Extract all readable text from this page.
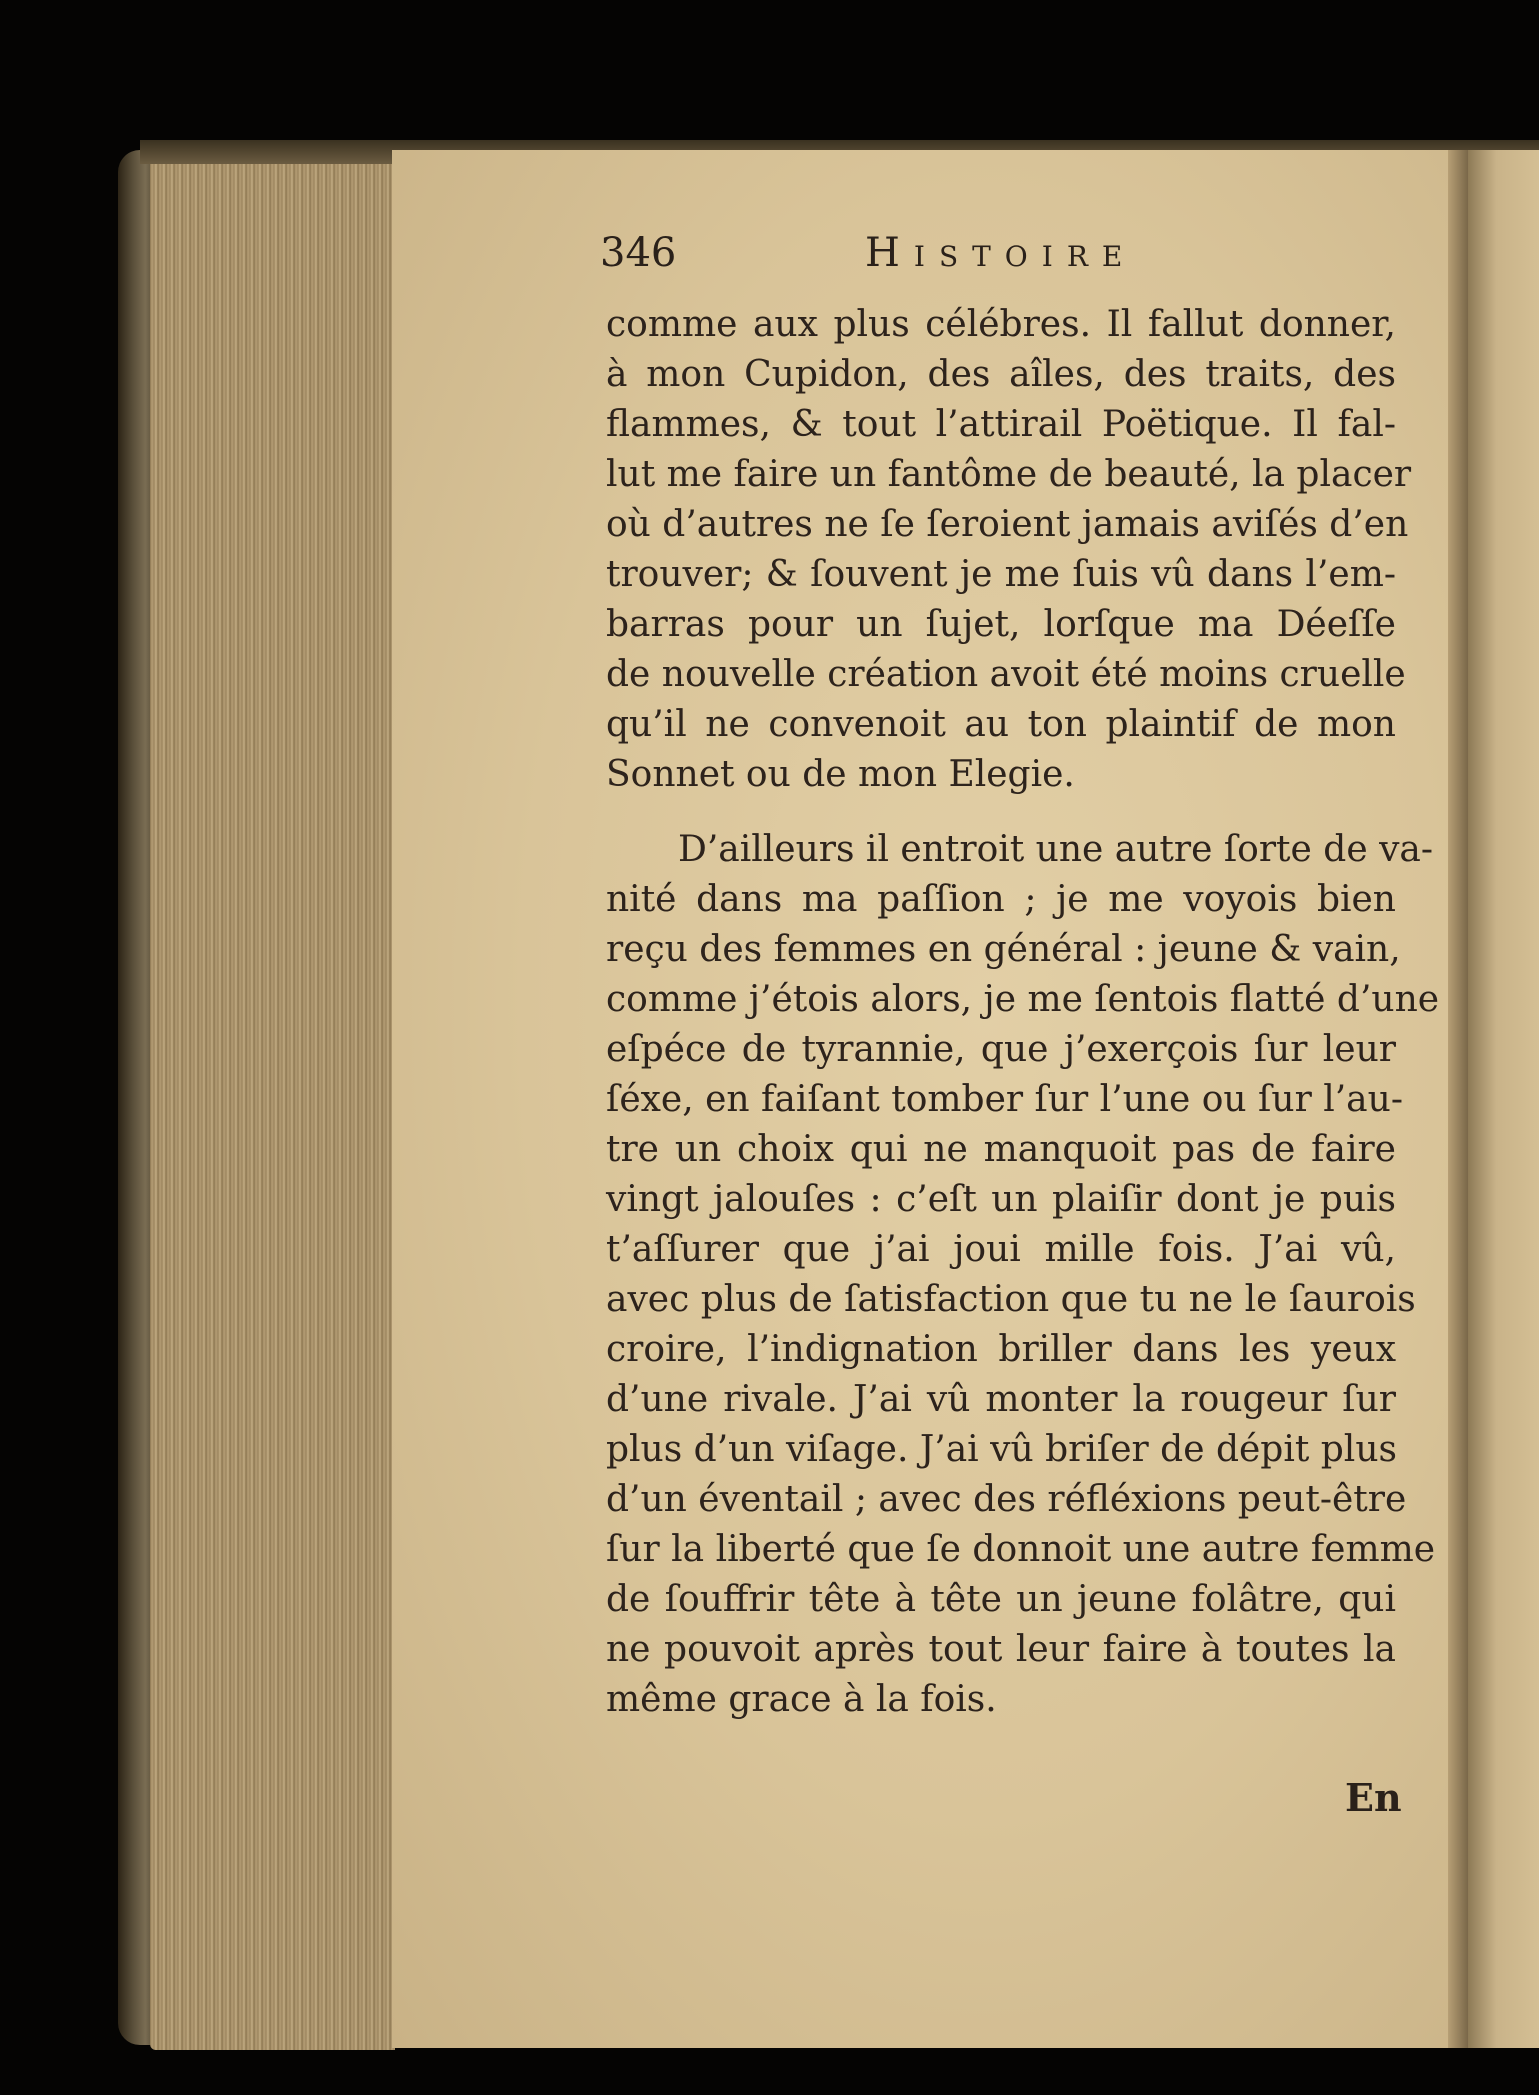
346	Histoire
comme aux plus célébres. Il fallut donner,
à mon Cupidon, des aîles, des traits, des
flammes, & tout l’attirail Poëtique. Il fal-
lut me faire un fantôme de beauté, la placer
où d’autres ne ſe ſeroient jamais aviſés d’en
trouver; & ſouvent je me ſuis vû dans l’em-
barras pour un ſujet, lorſque ma Déeſſe
de nouvelle création avoit été moins cruelle
qu’il ne convenoit au ton plaintif de mon
Sonnet ou de mon Elegie.
D’ailleurs il entroit une autre ſorte de va-
nité dans ma paſſion ; je me voyois bien
reçu des femmes en général : jeune & vain,
comme j’étois alors, je me ſentois flatté d’une
eſpéce de tyrannie, que j’exerçois ſur leur
ſéxe, en faiſant tomber ſur l’une ou ſur l’au-
tre un choix qui ne manquoit pas de faire
vingt jalouſes : c’eſt un plaiſir dont je puis
t’aſſurer que j’ai joui mille fois. J’ai vû,
avec plus de ſatisfaction que tu ne le ſaurois
croire, l’indignation briller dans les yeux
d’une rivale. J’ai vû monter la rougeur ſur
plus d’un viſage. J’ai vû briſer de dépit plus
d’un éventail ; avec des réfléxions peut-être
ſur la liberté que ſe donnoit une autre femme
de ſouffrir tête à tête un jeune folâtre, qui
ne pouvoit après tout leur faire à toutes la
même grace à la fois.
En
